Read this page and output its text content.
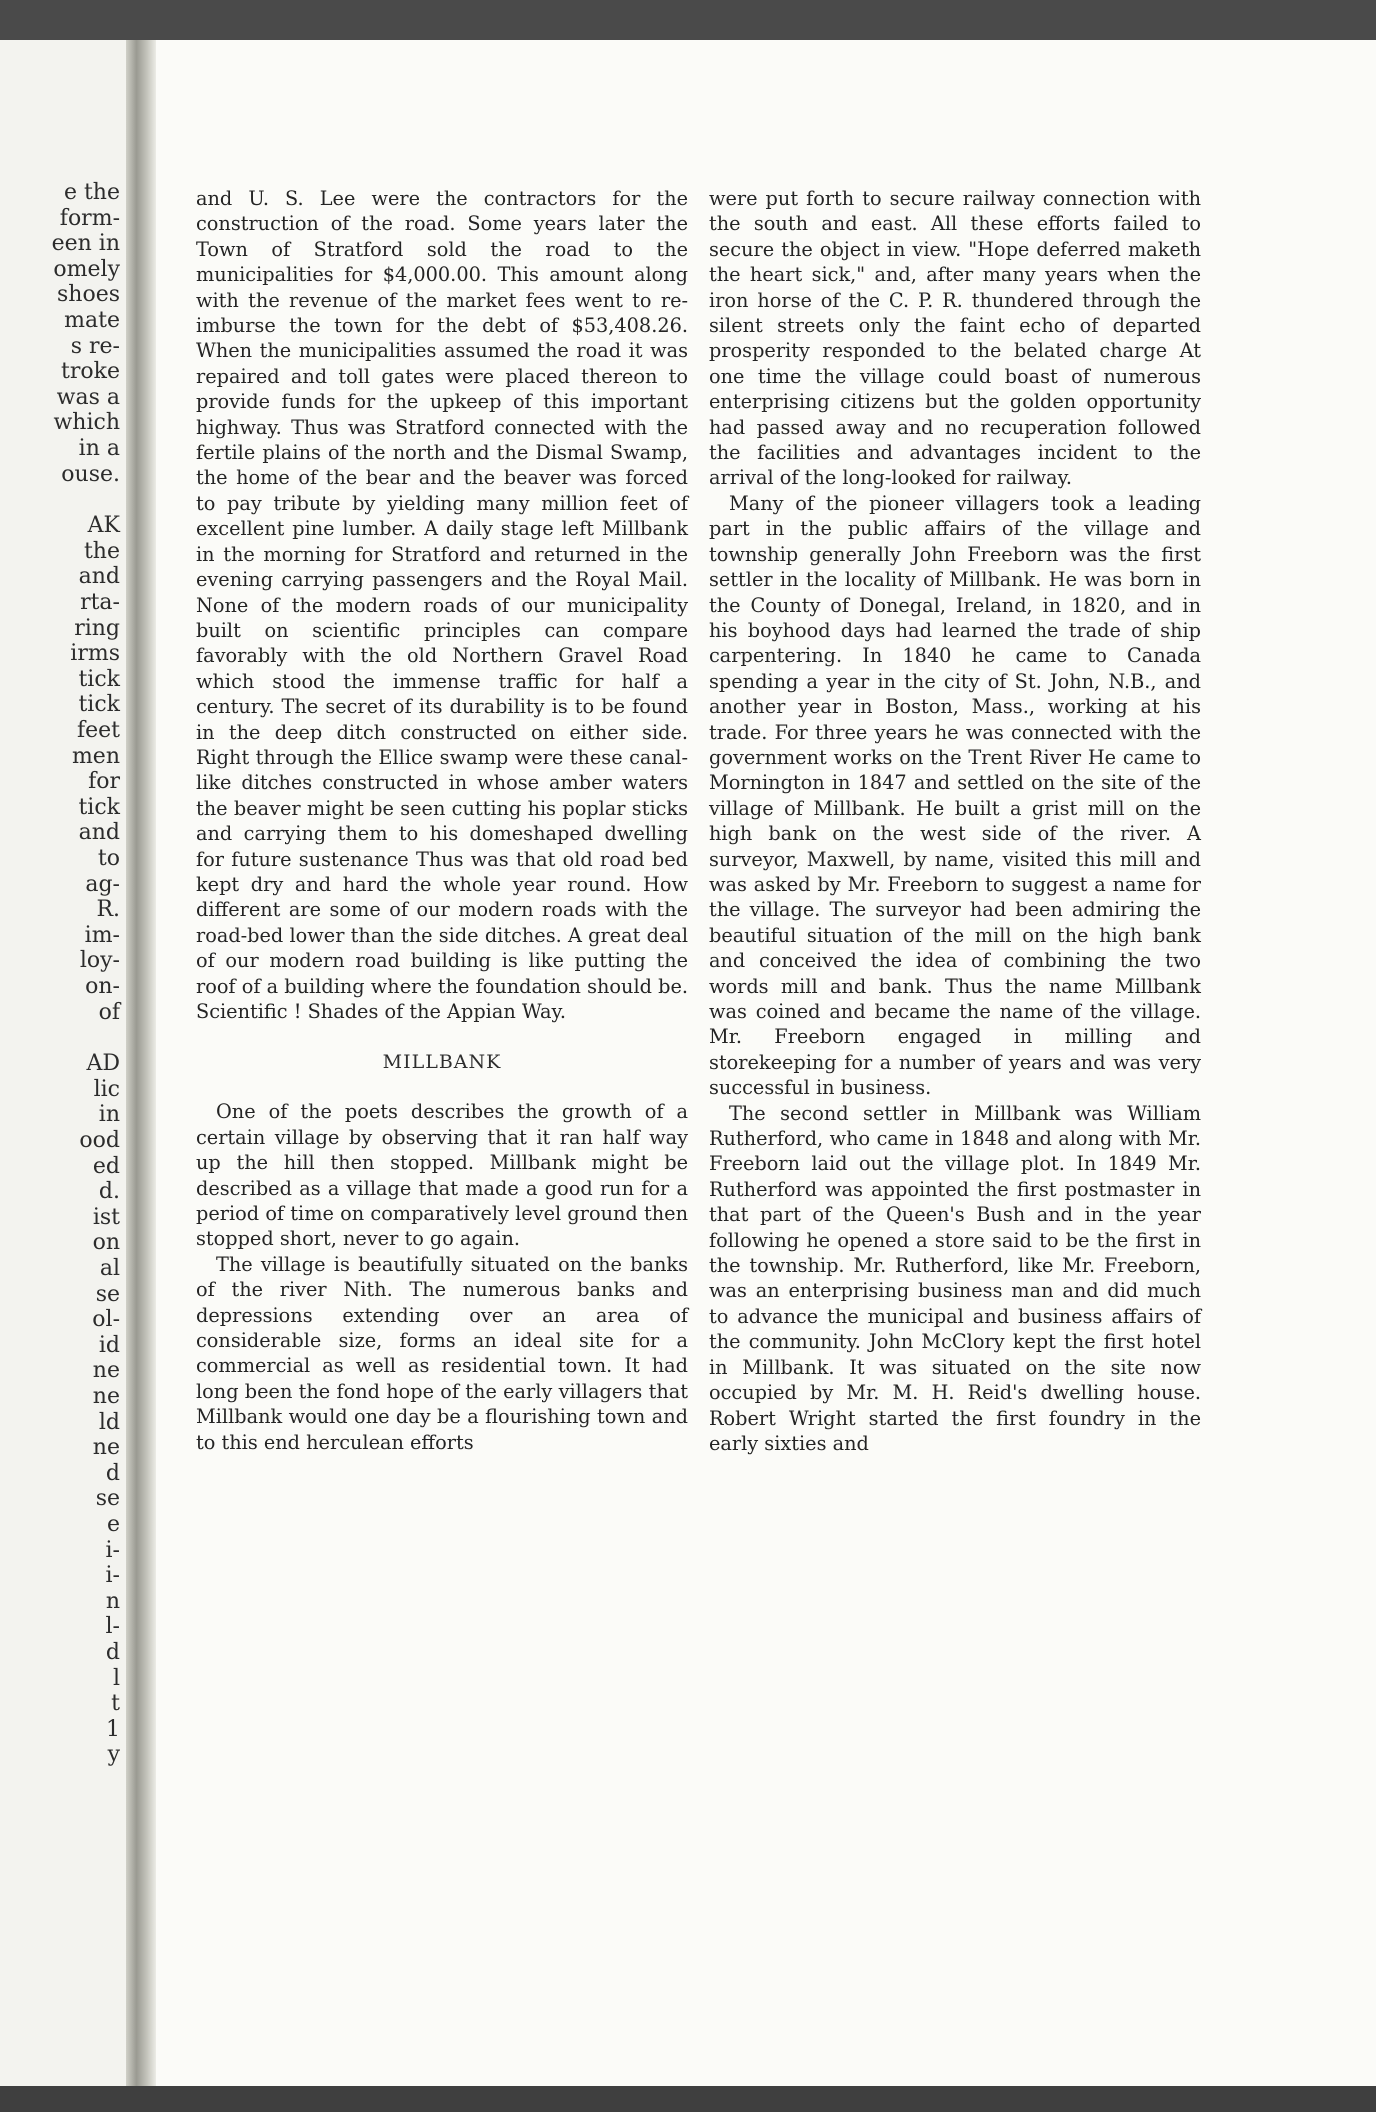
e the
form-
een in
omely
shoes
mate
s re-
troke
was a
which
in a
ouse.
AK
the
and
rta-
ring
irms
tick
tick
feet
men
for
tick
and
to
ag-
R.
im-
loy-
on-
of
AD
lic
in
ood
ed
d.
ist
on
al
se
ol-
id
ne
ne
ld
ne
d
se
e
i-
i-
n
l-
d
l
t
1
y

and U. S. Lee were the contractors for the construction of the road. Some years later the Town of Stratford sold the road to the municipalities for $4,000.00. This amount along with the revenue of the market fees went to re-imburse the town for the debt of $53,408.26. When the municipalities assumed the road it was repaired and toll gates were placed thereon to provide funds for the upkeep of this important highway. Thus was Stratford connected with the fertile plains of the north and the Dismal Swamp, the home of the bear and the beaver was forced to pay tribute by yielding many million feet of excellent pine lumber. A daily stage left Millbank in the morning for Stratford and returned in the evening carrying passengers and the Royal Mail. None of the modern roads of our municipality built on scientific principles can compare favorably with the old Northern Gravel Road which stood the immense traffic for half a century. The secret of its durability is to be found in the deep ditch constructed on either side. Right through the Ellice swamp were these canal-like ditches constructed in whose amber waters the beaver might be seen cutting his poplar sticks and carrying them to his domeshaped dwelling for future sustenance Thus was that old road bed kept dry and hard the whole year round. How different are some of our modern roads with the road-bed lower than the side ditches. A great deal of our modern road building is like putting the roof of a building where the foundation should be. Scientific ! Shades of the Appian Way.

MILLBANK

One of the poets describes the growth of a certain village by observing that it ran half way up the hill then stopped. Millbank might be described as a village that made a good run for a period of time on comparatively level ground then stopped short, never to go again.

The village is beautifully situated on the banks of the river Nith. The numerous banks and depressions extending over an area of considerable size, forms an ideal site for a commercial as well as residential town. It had long been the fond hope of the early villagers that Millbank would one day be a flourishing town and to this end herculean efforts

were put forth to secure railway connection with the south and east. All these efforts failed to secure the object in view. "Hope deferred maketh the heart sick," and, after many years when the iron horse of the C. P. R. thundered through the silent streets only the faint echo of departed prosperity responded to the belated charge At one time the village could boast of numerous enterprising citizens but the golden opportunity had passed away and no recuperation followed the facilities and advantages incident to the arrival of the long-looked for railway.

Many of the pioneer villagers took a leading part in the public affairs of the village and township generally John Freeborn was the first settler in the locality of Millbank. He was born in the County of Donegal, Ireland, in 1820, and in his boyhood days had learned the trade of ship carpentering. In 1840 he came to Canada spending a year in the city of St. John, N.B., and another year in Boston, Mass., working at his trade. For three years he was connected with the government works on the Trent River He came to Mornington in 1847 and settled on the site of the village of Millbank. He built a grist mill on the high bank on the west side of the river. A surveyor, Maxwell, by name, visited this mill and was asked by Mr. Freeborn to suggest a name for the village. The surveyor had been admiring the beautiful situation of the mill on the high bank and conceived the idea of combining the two words mill and bank. Thus the name Millbank was coined and became the name of the village. Mr. Freeborn engaged in milling and storekeeping for a number of years and was very successful in business.

The second settler in Millbank was William Rutherford, who came in 1848 and along with Mr. Freeborn laid out the village plot. In 1849 Mr. Rutherford was appointed the first postmaster in that part of the Queen's Bush and in the year following he opened a store said to be the first in the township. Mr. Rutherford, like Mr. Freeborn, was an enterprising business man and did much to advance the municipal and business affairs of the community. John McClory kept the first hotel in Millbank. It was situated on the site now occupied by Mr. M. H. Reid's dwelling house. Robert Wright started the first foundry in the early sixties and
